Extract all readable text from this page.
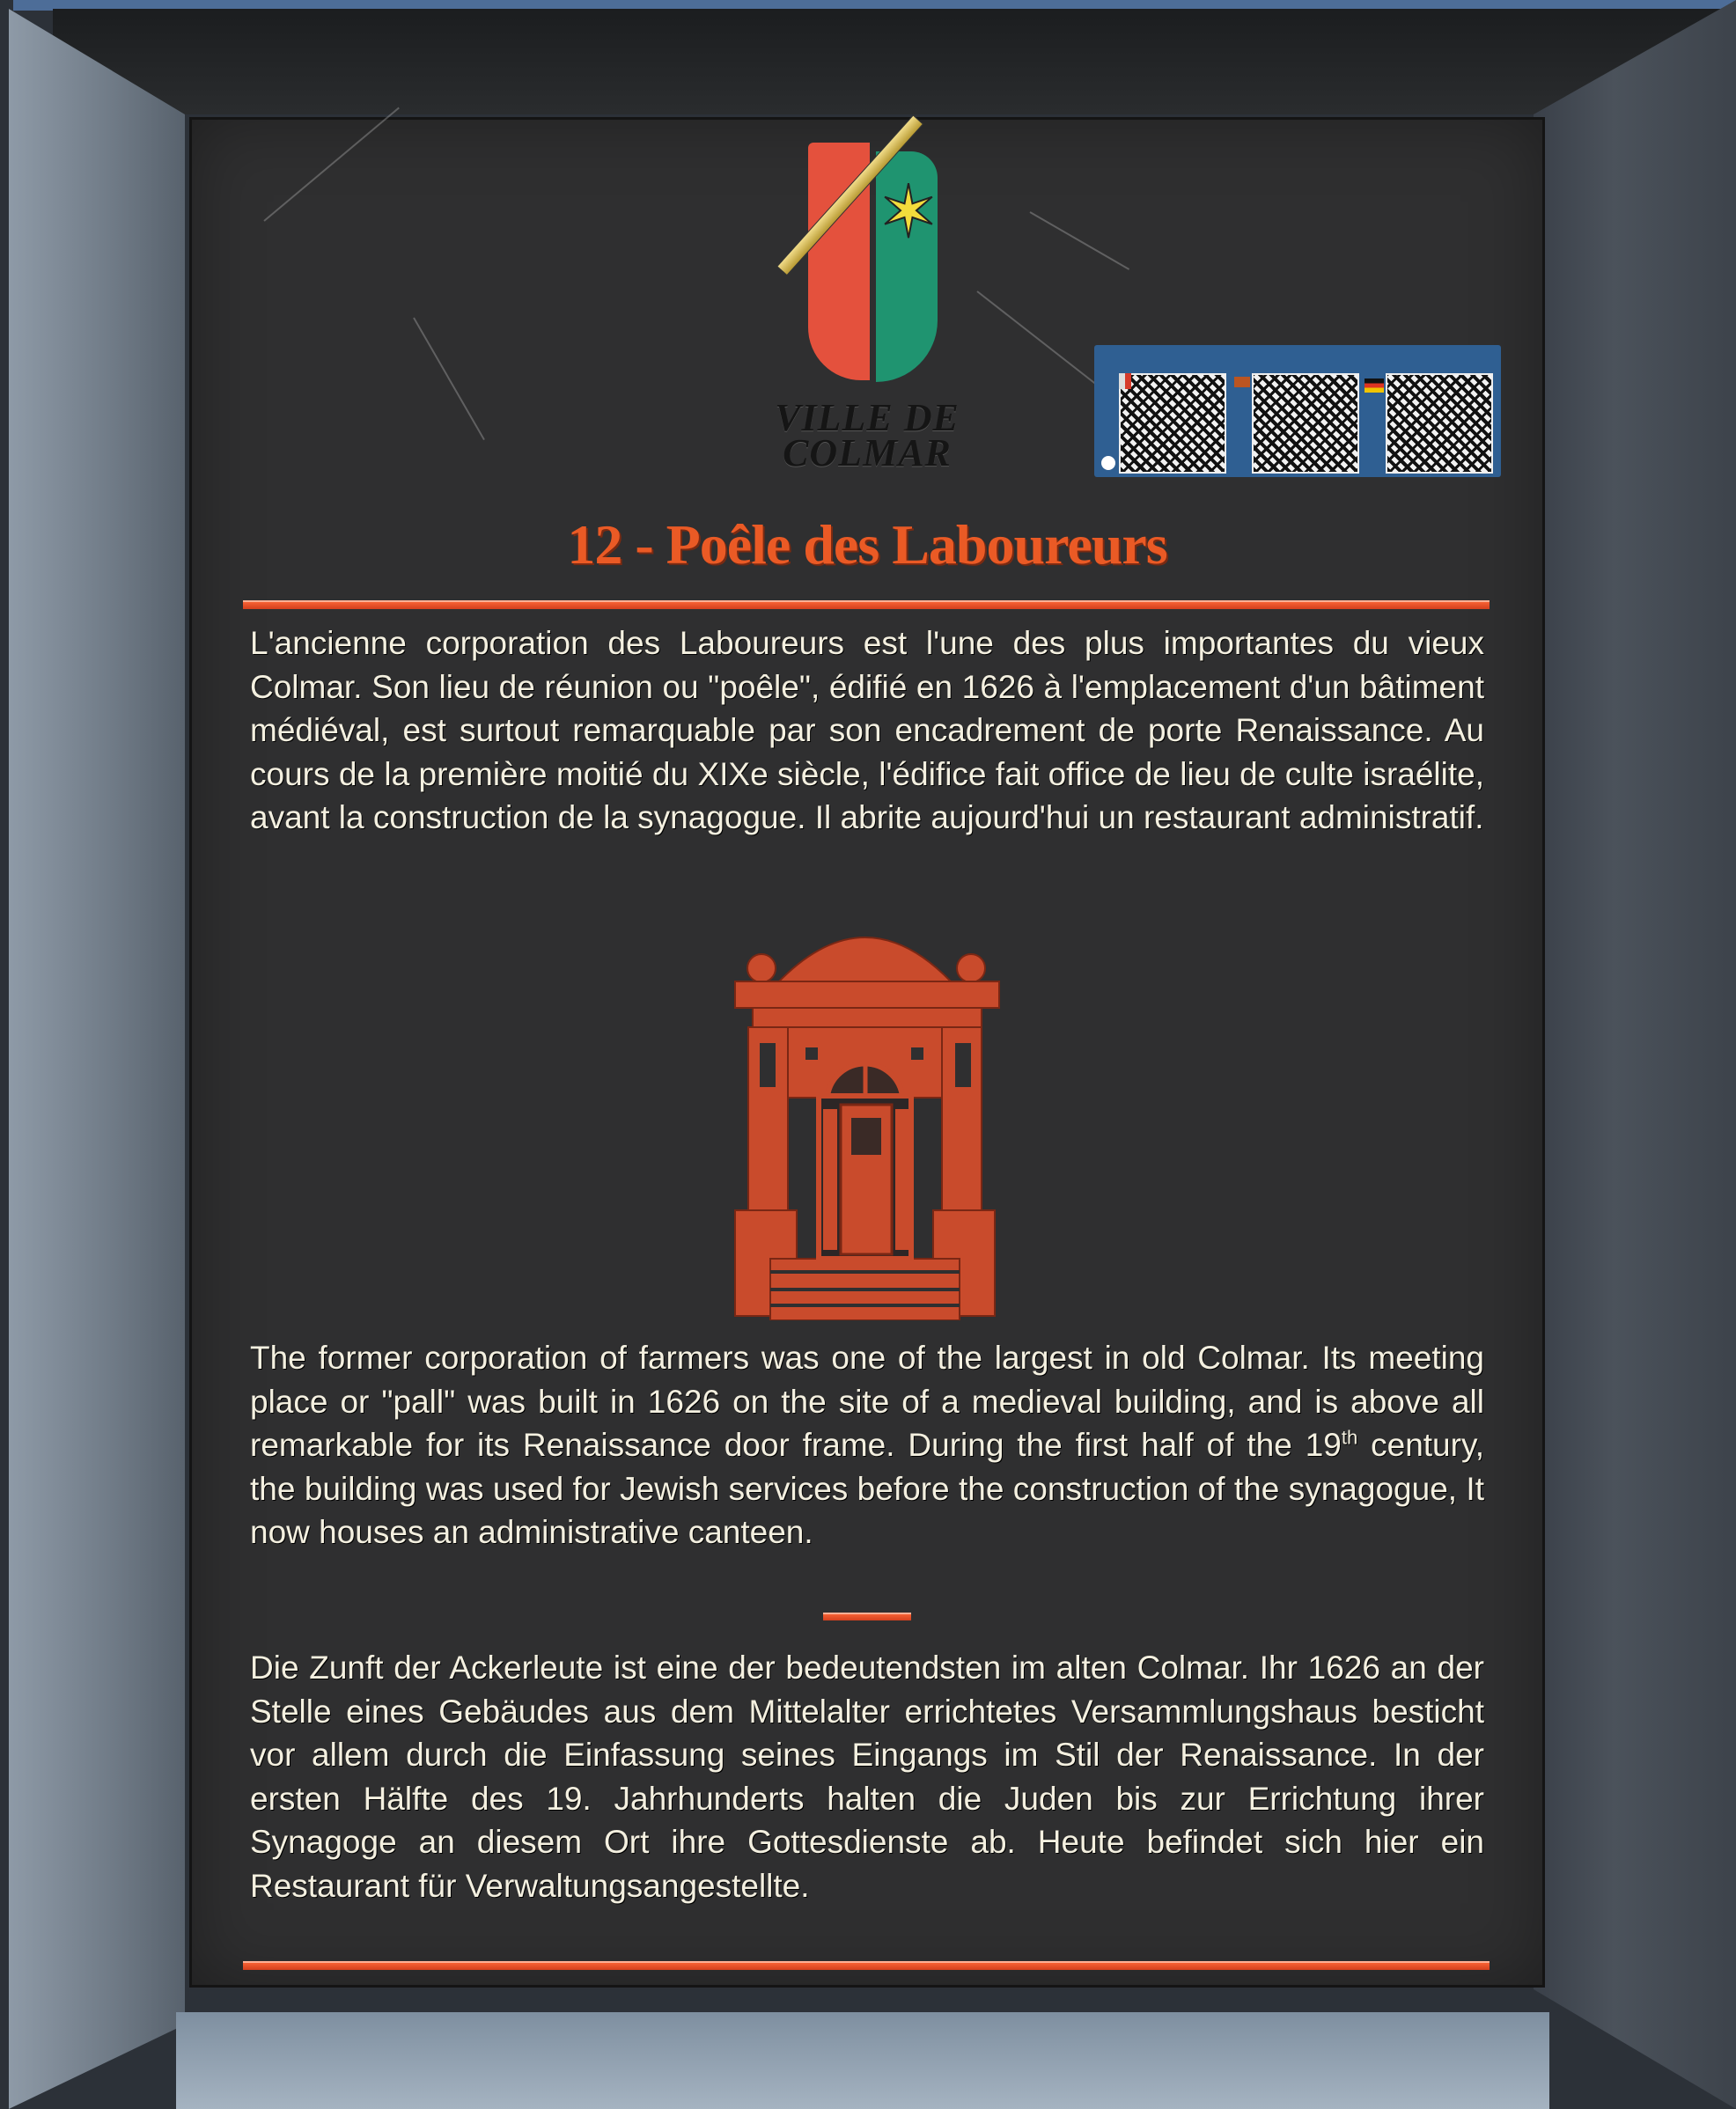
✶
VILLE DE
COLMAR
12 - Poêle des Laboureurs
L'ancienne corporation des Laboureurs est l'une des plus importantes du vieux Colmar. Son lieu de réunion ou "poêle", édifié en 1626 à l'emplacement d'un bâtiment médiéval, est surtout remarquable par son encadrement de porte Renaissance. Au cours de la première moitié du XIXe siècle, l'édifice fait office de lieu de culte israélite, avant la construction de la synagogue. Il abrite aujourd'hui un restaurant administratif.
The former corporation of farmers was one of the largest in old Colmar. Its meeting place or "pall" was built in 1626 on the site of a medieval building, and is above all remarkable for its Renaissance door frame. During the first half of the 19th century, the building was used for Jewish services before the construction of the synagogue, It now houses an administrative canteen.
Die Zunft der Ackerleute ist eine der bedeutendsten im alten Colmar. Ihr 1626 an der Stelle eines Gebäudes aus dem Mittelalter errichtetes Versammlungshaus besticht vor allem durch die Einfassung seines Eingangs im Stil der Renaissance. In der ersten Hälfte des 19. Jahrhunderts halten die Juden bis zur Errichtung ihrer Synagoge an diesem Ort ihre Gottesdienste ab. Heute befindet sich hier ein Restaurant für Verwaltungsangestellte.
